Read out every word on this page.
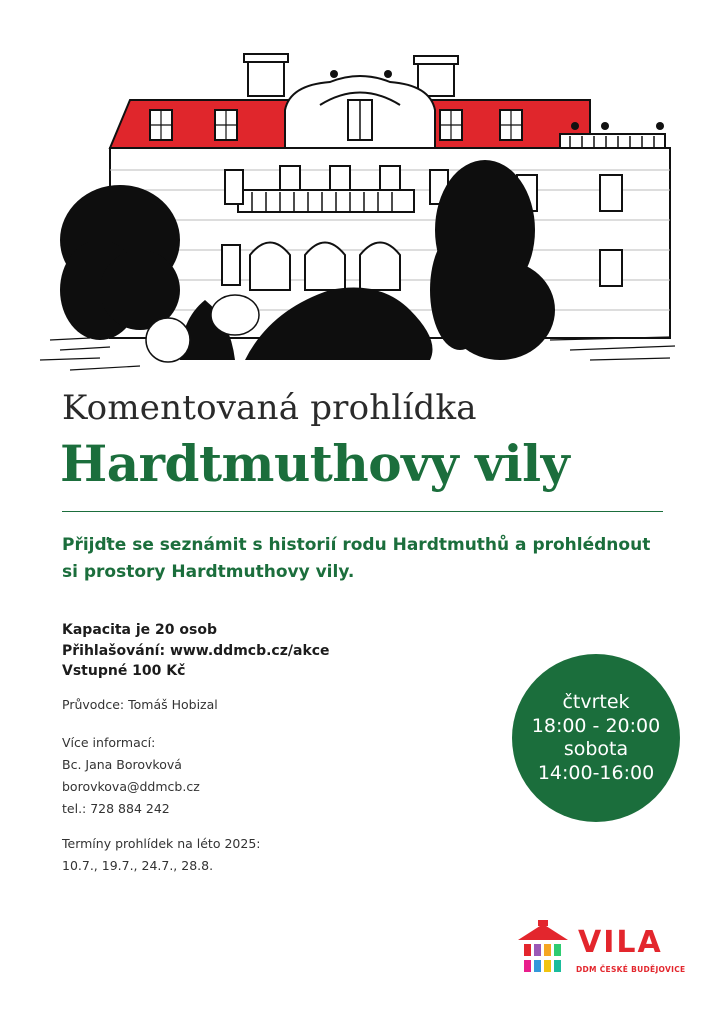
Komentovaná prohlídka
Hardtmuthovy vily
Přijďte se seznámit s historií rodu Hardtmuthů a prohlédnout si prostory Hardtmuthovy vily.
Kapacita je 20 osob
Přihlašování: www.ddmcb.cz/akce
Vstupné 100 Kč
Průvodce: Tomáš Hobizal
Více informací:
Bc. Jana Borovková
borovkova@ddmcb.cz
tel.: 728 884 242
Termíny prohlídek na léto 2025:
10.7., 19.7., 24.7., 28.8.
čtvrtek
18:00 - 20:00
sobota
14:00-16:00
VILA
DDM ČESKÉ BUDĚJOVICE
